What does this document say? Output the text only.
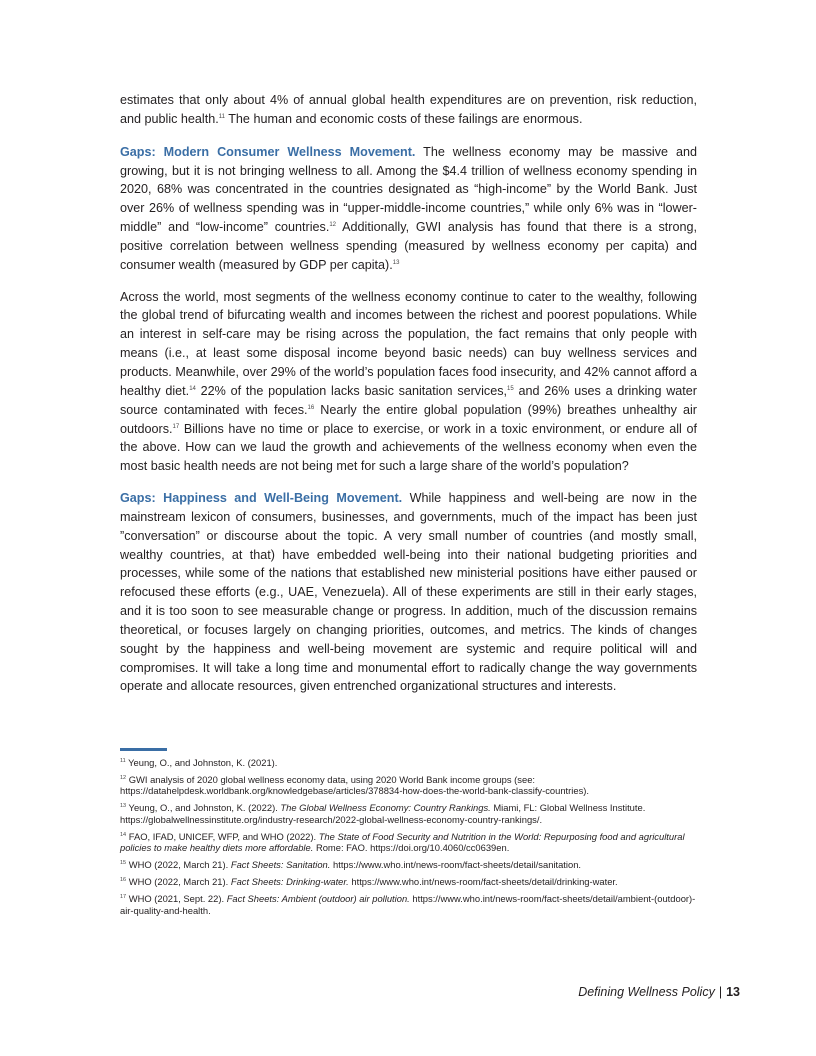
estimates that only about 4% of annual global health expenditures are on prevention, risk reduction, and public health.$^{11}$ The human and economic costs of these failings are enormous.

Gaps: Modern Consumer Wellness Movement. The wellness economy may be massive and growing, but it is not bringing wellness to all. Among the $4.4 trillion of wellness economy spending in 2020, 68% was concentrated in the countries designated as “high-income” by the World Bank. Just over 26% of wellness spending was in “upper-middle-income countries,” while only 6% was in “lower-middle” and “low-income” countries.$^{12}$ Additionally, GWI analysis has found that there is a strong, positive correlation between wellness spending (measured by wellness economy per capita) and consumer wealth (measured by GDP per capita).$^{13}$

Across the world, most segments of the wellness economy continue to cater to the wealthy, following the global trend of bifurcating wealth and incomes between the richest and poorest populations. While an interest in self-care may be rising across the population, the fact remains that only people with means (i.e., at least some disposal income beyond basic needs) can buy wellness services and products. Meanwhile, over 29% of the world’s population faces food insecurity, and 42% cannot afford a healthy diet.$^{14}$ 22% of the population lacks basic sanitation services,$^{15}$ and 26% uses a drinking water source contaminated with feces.$^{16}$ Nearly the entire global population (99%) breathes unhealthy air outdoors.$^{17}$ Billions have no time or place to exercise, or work in a toxic environment, or endure all of the above. How can we laud the growth and achievements of the wellness economy when even the most basic health needs are not being met for such a large share of the world’s population?

Gaps: Happiness and Well-Being Movement. While happiness and well-being are now in the mainstream lexicon of consumers, businesses, and governments, much of the impact has been just ”conversation” or discourse about the topic. A very small number of countries (and mostly small, wealthy countries, at that) have embedded well-being into their national budgeting priorities and processes, while some of the nations that established new ministerial positions have either paused or refocused these efforts (e.g., UAE, Venezuela). All of these experiments are still in their early stages, and it is too soon to see measurable change or progress. In addition, much of the discussion remains theoretical, or focuses largely on changing priorities, outcomes, and metrics. The kinds of changes sought by the happiness and well-being movement are systemic and require political will and compromises. It will take a long time and monumental effort to radically change the way governments operate and allocate resources, given entrenched organizational structures and interests.

$^{11}$ Yeung, O., and Johnston, K. (2021).

$^{12}$ GWI analysis of 2020 global wellness economy data, using 2020 World Bank income groups (see: https://datahelpdesk.worldbank.org/knowledgebase/articles/378834-how-does-the-world-bank-classify-countries).

$^{13}$ Yeung, O., and Johnston, K. (2022). The Global Wellness Economy: Country Rankings. Miami, FL: Global Wellness Institute. https://globalwellnessinstitute.org/industry-research/2022-global-wellness-economy-country-rankings/.

$^{14}$ FAO, IFAD, UNICEF, WFP, and WHO (2022). The State of Food Security and Nutrition in the World: Repurposing food and agricultural policies to make healthy diets more affordable. Rome: FAO. https://doi.org/10.4060/cc0639en.

$^{15}$ WHO (2022, March 21). Fact Sheets: Sanitation. https://www.who.int/news-room/fact-sheets/detail/sanitation.

$^{16}$ WHO (2022, March 21). Fact Sheets: Drinking-water. https://www.who.int/news-room/fact-sheets/detail/drinking-water.

$^{17}$ WHO (2021, Sept. 22). Fact Sheets: Ambient (outdoor) air pollution. https://www.who.int/news-room/fact-sheets/detail/ambient-(outdoor)-air-quality-and-health.

Defining Wellness Policy | 13
